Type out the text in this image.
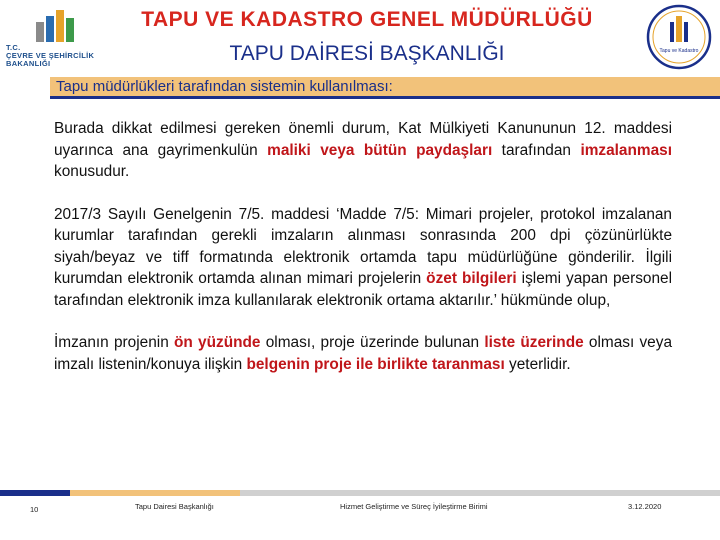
T.C.
ÇEVRE VE ŞEHİRCİLİK
BAKANLIĞI
TAPU VE KADASTRO GENEL MÜDÜRLÜĞÜ
TAPU DAİRESİ BAŞKANLIĞI	Tapu ve Kadastro
Tapu müdürlükleri tarafından sistemin kullanılması:

Burada dikkat edilmesi gereken önemli durum, Kat Mülkiyeti Kanununun 12. maddesi uyarınca ana gayrimenkulün maliki veya bütün paydaşları tarafından imzalanması konusudur.

2017/3 Sayılı Genelgenin 7/5. maddesi ‘Madde 7/5: Mimari projeler, protokol imzalanan kurumlar tarafından gerekli imzaların alınması sonrasında 200 dpi çözünürlükte siyah/beyaz ve tiff formatında elektronik ortamda tapu müdürlüğüne gönderilir. İlgili kurumdan elektronik ortamda alınan mimari projelerin özet bilgileri işlemi yapan personel tarafından elektronik imza kullanılarak elektronik ortama aktarılır.’ hükmünde olup,

İmzanın projenin ön yüzünde olması, proje üzerinde bulunan liste üzerinde olması veya imzalı listenin/konuya ilişkin belgenin proje ile birlikte taranması yeterlidir.

10	Tapu Dairesi Başkanlığı	Hizmet Geliştirme ve Süreç İyileştirme Birimi	3.12.2020
